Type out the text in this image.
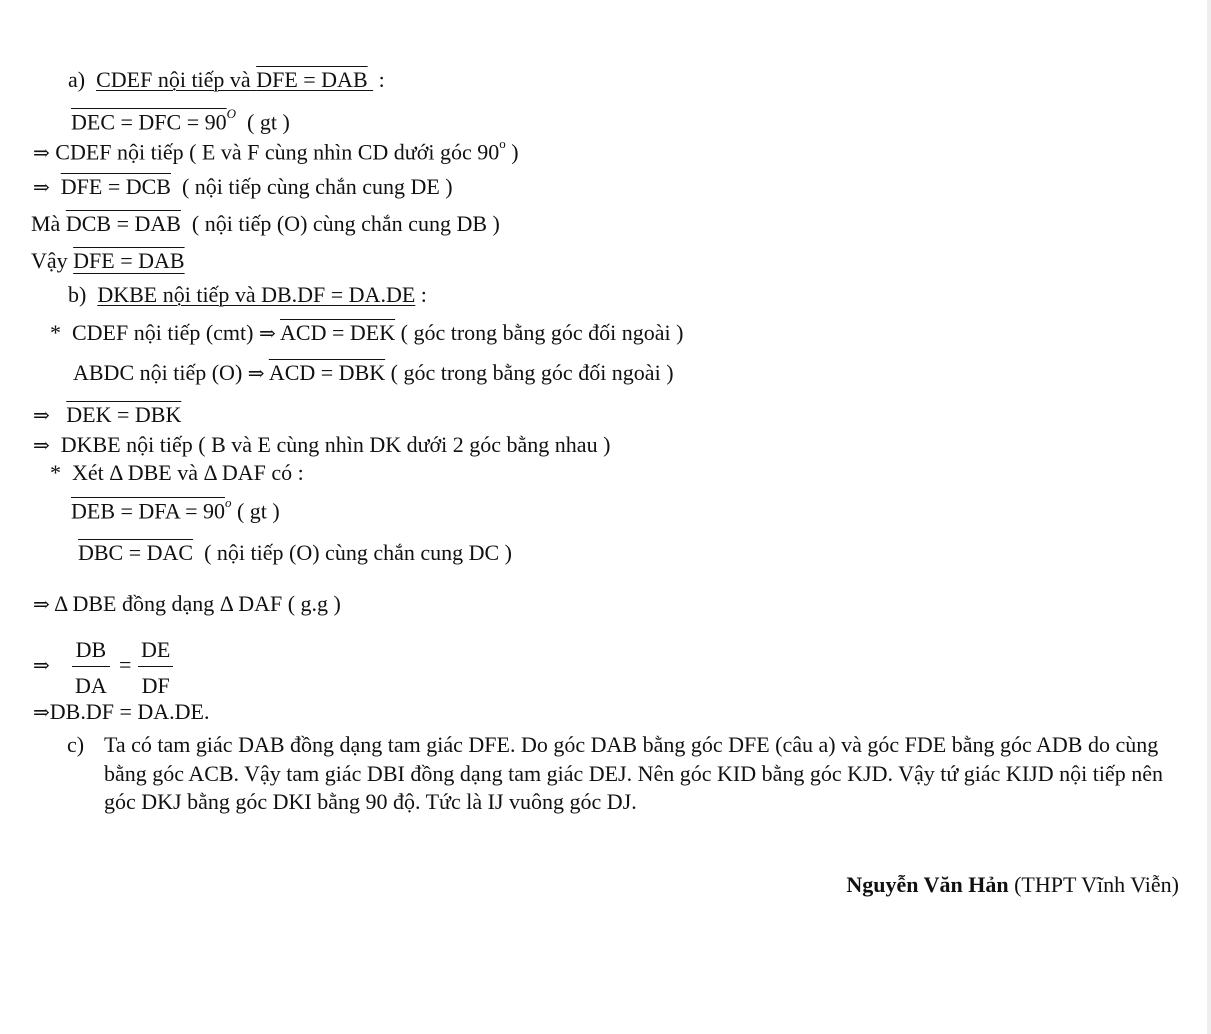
a) CDEF nội tiếp và DFE = DAB :
DEC = DFC = $90^O$ ( gt )
⇒ CDEF nội tiếp ( E và F cùng nhìn CD dưới góc 90$^o$ )
⇒ DFE = DCB ( nội tiếp cùng chắn cung DE )
Mà DCB = DAB ( nội tiếp (O) cùng chắn cung DB )
Vậy DFE = DAB
b) DKBE nội tiếp và DB.DF = DA.DE :
* CDEF nội tiếp (cmt) ⇒ ACD = DEK ( góc trong bằng góc đối ngoài )
ABDC nội tiếp (O) ⇒ ACD = DBK ( góc trong bằng góc đối ngoài )
⇒ DEK = DBK
⇒ DKBE nội tiếp ( B và E cùng nhìn DK dưới 2 góc bằng nhau )
* Xét Δ DBE và Δ DAF có :
DEB = DFA = $90^o$ ( gt )
DBC = DAC ( nội tiếp (O) cùng chắn cung DC )
⇒ Δ DBE đồng dạng Δ DAF ( g.g )
⇒ $\frac{DB}{DA} = \frac{DE}{DF}$
⇒DB.DF = DA.DE.
c) Ta có tam giác DAB đồng dạng tam giác DFE. Do góc DAB bằng góc DFE (câu a) và góc FDE bằng góc ADB do cùng bằng góc ACB. Vậy tam giác DBI đồng dạng tam giác DEJ. Nên góc KID bằng góc KJD. Vậy tứ giác KIJD nội tiếp nên góc DKJ bằng góc DKI bằng 90 độ. Tức là IJ vuông góc DJ.
Nguyễn Văn Hản (THPT Vĩnh Viễn)
